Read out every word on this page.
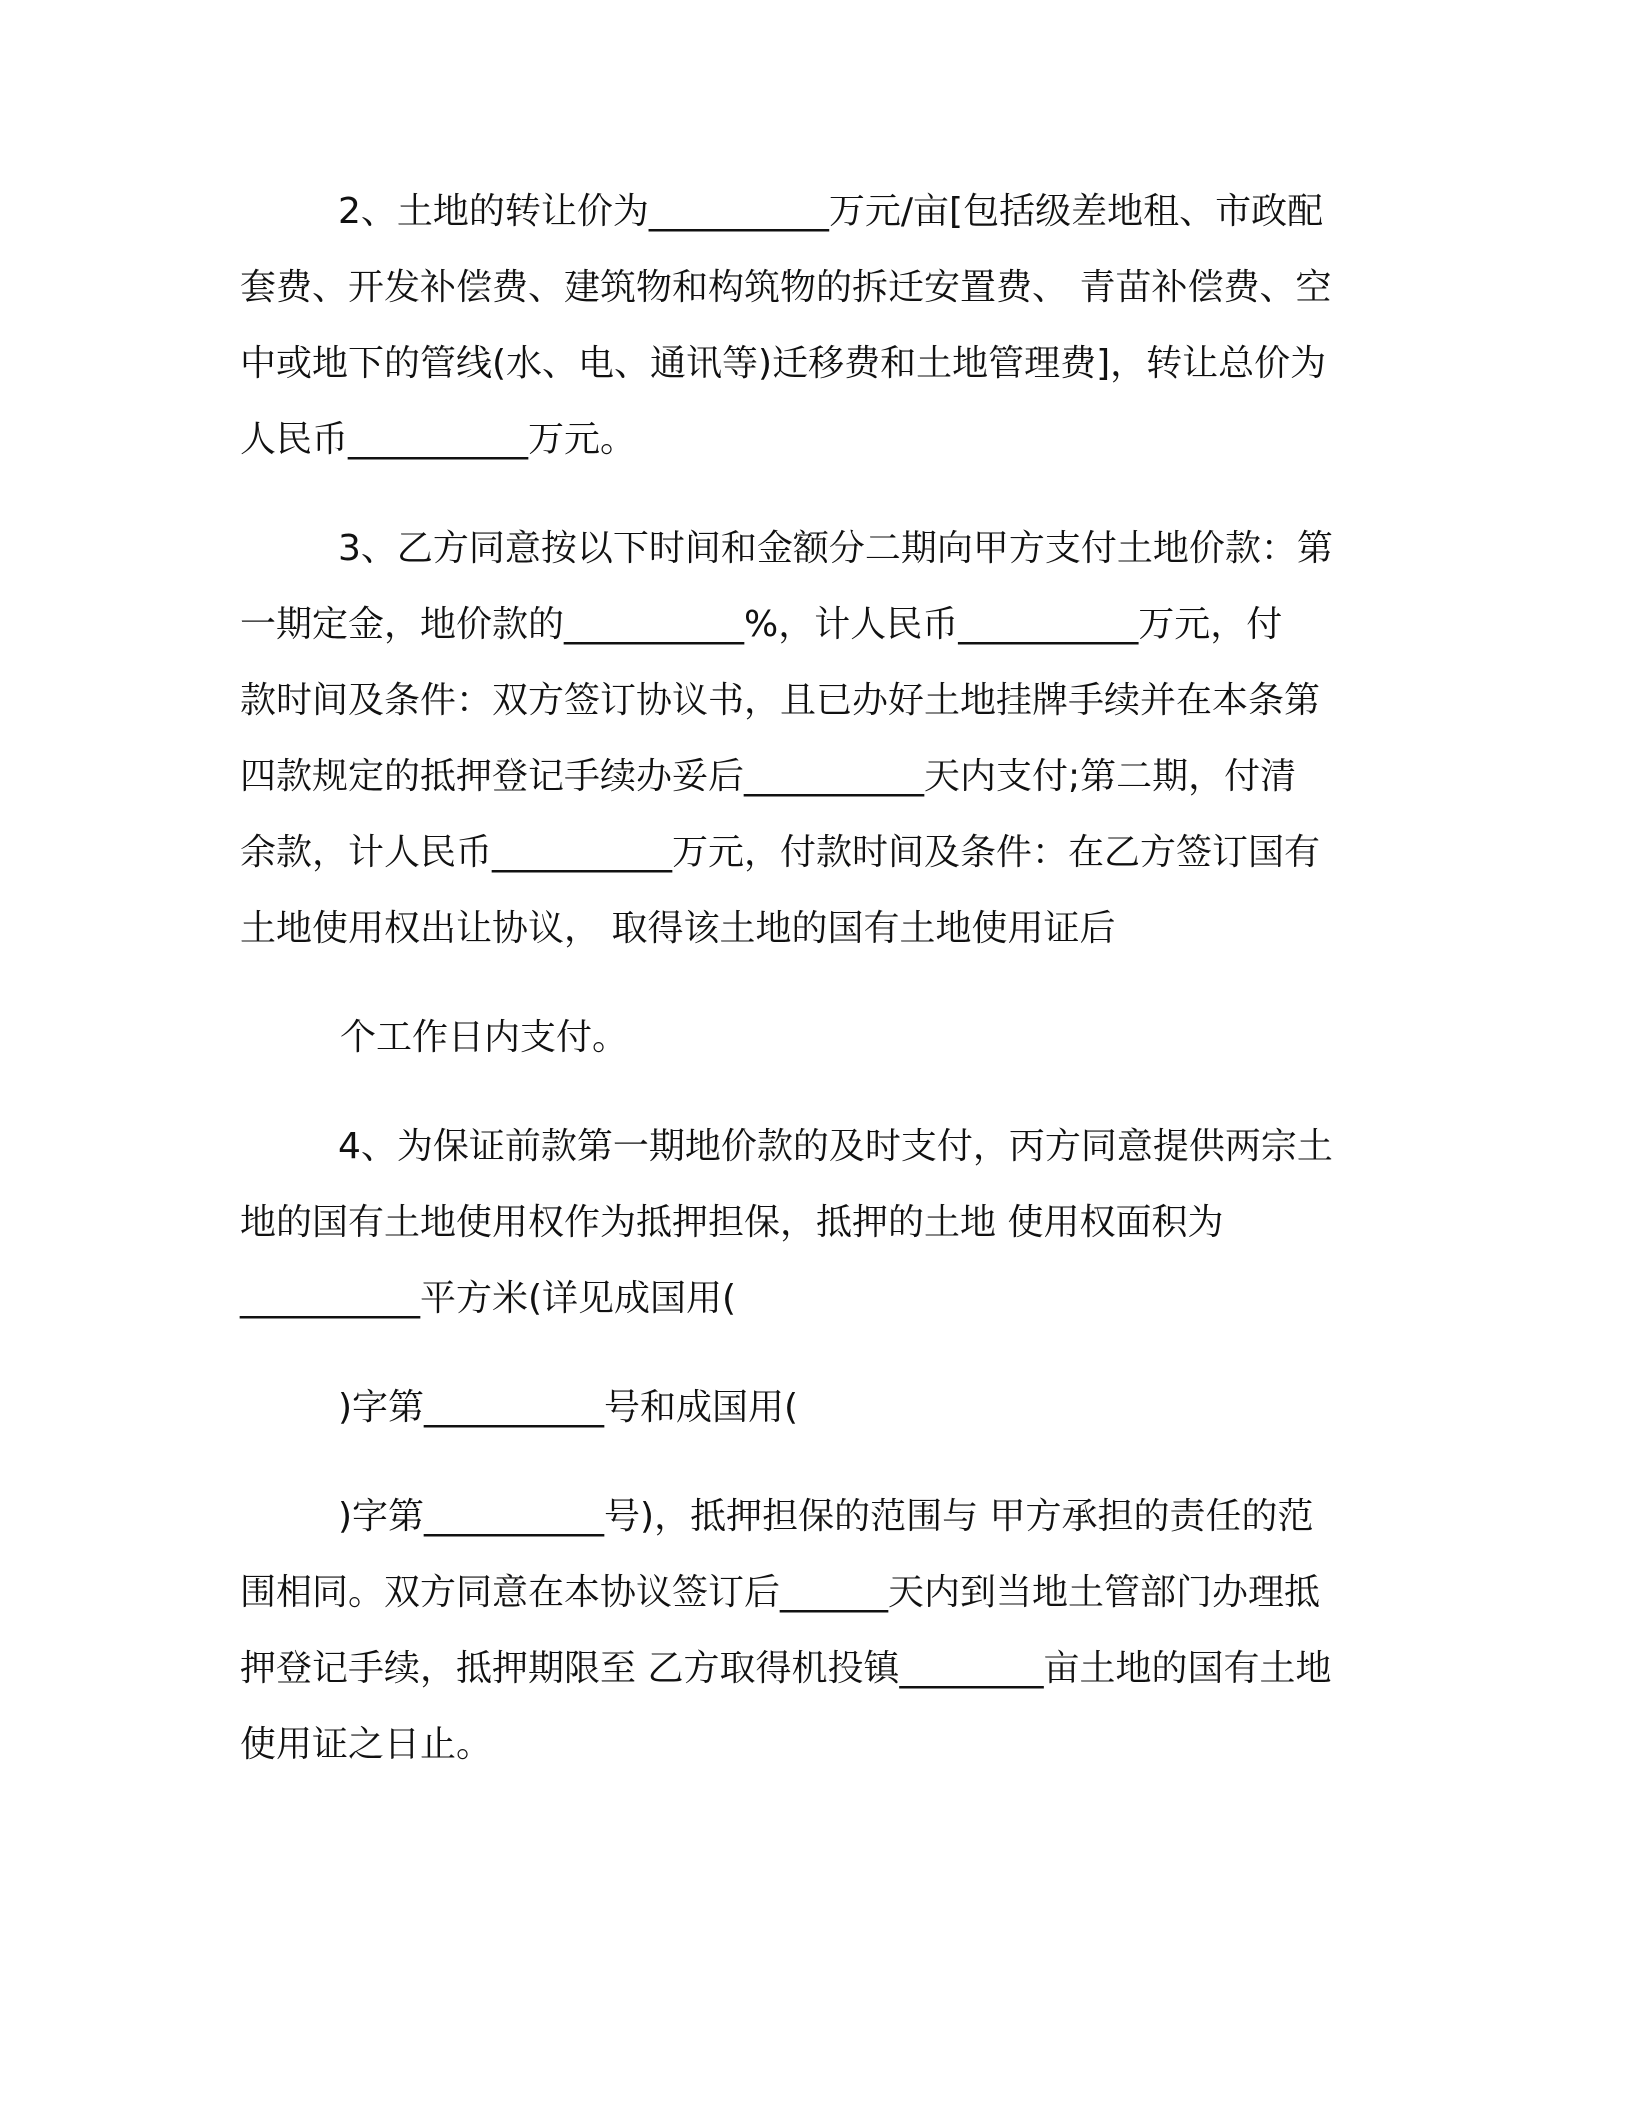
2、土地的转让价为__________万元/亩[包括级差地租、市政配
套费、开发补偿费、建筑物和构筑物的拆迁安置费、 青苗补偿费、空
中或地下的管线(水、电、通讯等)迁移费和土地管理费]，转让总价为
人民币__________万元。
3、乙方同意按以下时间和金额分二期向甲方支付土地价款：第
一期定金，地价款的__________%，计人民币__________万元，付
款时间及条件：双方签订协议书，且已办好土地挂牌手续并在本条第
四款规定的抵押登记手续办妥后__________天内支付;第二期，付清
余款，计人民币__________万元，付款时间及条件：在乙方签订国有
土地使用权出让协议， 取得该土地的国有土地使用证后
个工作日内支付。
4、为保证前款第一期地价款的及时支付，丙方同意提供两宗土
地的国有土地使用权作为抵押担保，抵押的土地 使用权面积为
__________平方米(详见成国用(
)字第__________号和成国用(
)字第__________号)，抵押担保的范围与 甲方承担的责任的范
围相同。双方同意在本协议签订后______天内到当地土管部门办理抵
押登记手续，抵押期限至 乙方取得机投镇________亩土地的国有土地
使用证之日止。
